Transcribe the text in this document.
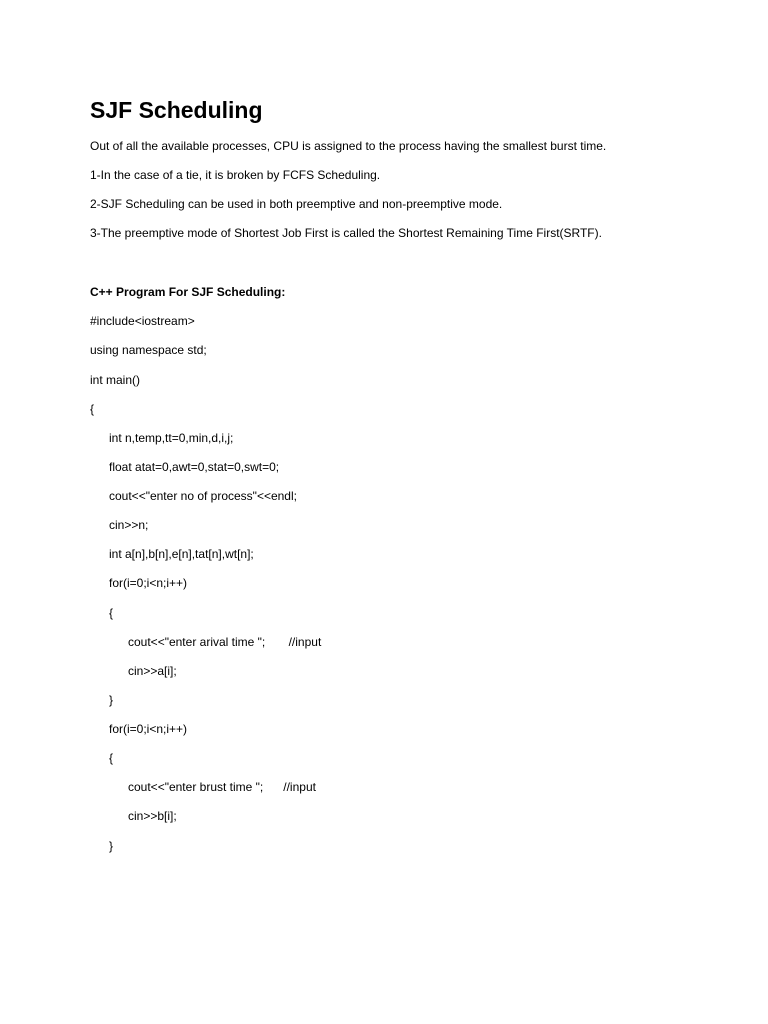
SJF Scheduling

Out of all the available processes, CPU is assigned to the process having the smallest burst time.

1-In the case of a tie, it is broken by FCFS Scheduling.

2-SJF Scheduling can be used in both preemptive and non-preemptive mode.

3-The preemptive mode of Shortest Job First is called the Shortest Remaining Time First(SRTF).

C++ Program For SJF Scheduling:

#include<iostream>

using namespace std;

int main()

{

int n,temp,tt=0,min,d,i,j;

float atat=0,awt=0,stat=0,swt=0;

cout<<"enter no of process"<<endl;

cin>>n;

int a[n],b[n],e[n],tat[n],wt[n];

for(i=0;i<n;i++)

{

cout<<"enter arival time ";       //input

cin>>a[i];

}

for(i=0;i<n;i++)

{

cout<<"enter brust time ";      //input

cin>>b[i];

}
